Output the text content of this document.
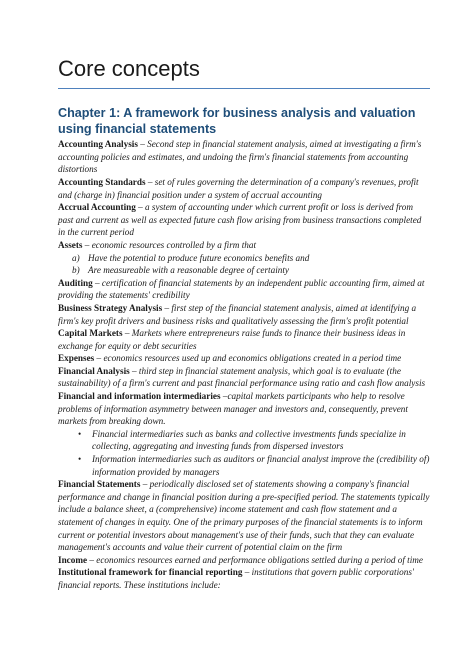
Core concepts
Chapter 1: A framework for business analysis and valuation using financial statements

Accounting Analysis – Second step in financial statement analysis, aimed at investigating a firm's accounting policies and estimates, and undoing the firm's financial statements from accounting distortions

Accounting Standards – set of rules governing the determination of a company's revenues, profit and (charge in) financial position under a system of accrual accounting

Accrual Accounting – a system of accounting under which current profit or loss is derived from past and current as well as expected future cash flow arising from business transactions completed in the current period

Assets – economic resources controlled by a firm that

a) Have the potential to produce future economics benefits and
b) Are measureable with a reasonable degree of certainty

Auditing – certification of financial statements by an independent public accounting firm, aimed at providing the statements' credibility

Business Strategy Analysis – first step of the financial statement analysis, aimed at identifying a firm's key profit drivers and business risks and qualitatively assessing the firm's profit potential

Capital Markets – Markets where entrepreneurs raise funds to finance their business ideas in exchange for equity or debt securities

Expenses – economics resources used up and economics obligations created in a period time

Financial Analysis – third step in financial statement analysis, which goal is to evaluate (the sustainability) of a firm's current and past financial performance using ratio and cash flow analysis

Financial and information intermediaries –capital markets participants who help to resolve problems of information asymmetry between manager and investors and, consequently, prevent markets from breaking down.

• Financial intermediaries such as banks and collective investments funds specialize in collecting, aggregating and investing funds from dispersed investors
• Information intermediaries such as auditors or financial analyst improve the (credibility of) information provided by managers

Financial Statements – periodically disclosed set of statements showing a company's financial performance and change in financial position during a pre-specified period. The statements typically include a balance sheet, a (comprehensive) income statement and cash flow statement and a statement of changes in equity. One of the primary purposes of the financial statements is to inform current or potential investors about management's use of their funds, such that they can evaluate management's accounts and value their current of potential claim on the firm

Income – economics resources earned and performance obligations settled during a period of time

Institutional framework for financial reporting – institutions that govern public corporations' financial reports. These institutions include:
